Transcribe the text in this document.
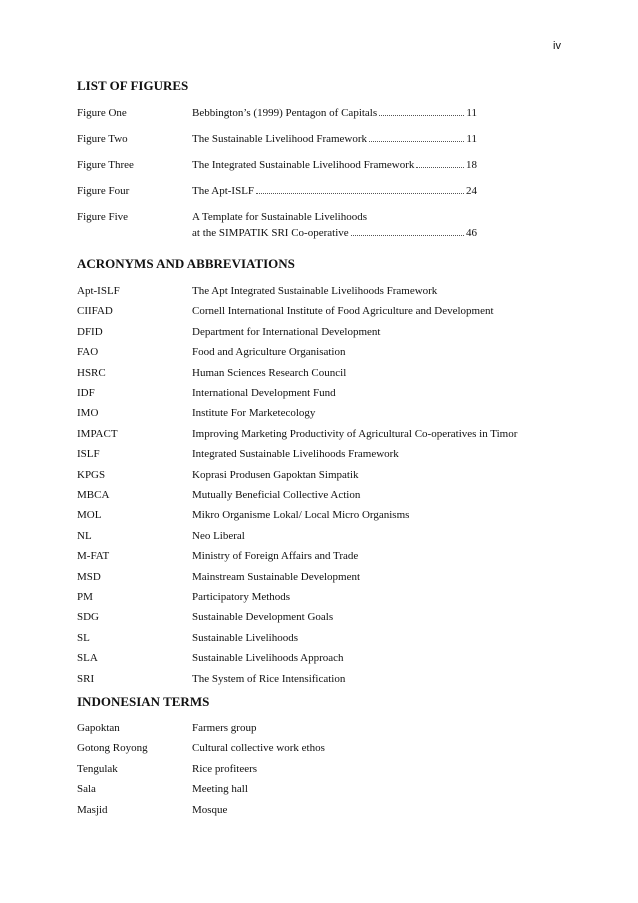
iv
LIST OF FIGURES
Figure One	Bebbington’s (1999) Pentagon of Capitals	11
Figure Two	The Sustainable Livelihood Framework	11
Figure Three	The Integrated Sustainable Livelihood Framework	18
Figure Four	The Apt-ISLF	24
Figure Five	A Template for Sustainable Livelihoods
at the SIMPATIK SRI Co-operative	46
ACRONYMS AND ABBREVIATIONS
Apt-ISLF	The Apt Integrated Sustainable Livelihoods Framework
CIIFAD	Cornell International Institute of Food Agriculture and Development
DFID	Department for International Development
FAO	Food and Agriculture Organisation
HSRC	Human Sciences Research Council
IDF	International Development Fund
IMO	Institute For Marketecology
IMPACT	Improving Marketing Productivity of Agricultural Co-operatives in Timor
ISLF	Integrated Sustainable Livelihoods Framework
KPGS	Koprasi Produsen Gapoktan Simpatik
MBCA	Mutually Beneficial Collective Action
MOL	Mikro Organisme Lokal/ Local Micro Organisms
NL	Neo Liberal
M-FAT	Ministry of Foreign Affairs and Trade
MSD	Mainstream Sustainable Development
PM	Participatory Methods
SDG	Sustainable Development Goals
SL	Sustainable Livelihoods
SLA	Sustainable Livelihoods Approach
SRI	The System of Rice Intensification
INDONESIAN TERMS
Gapoktan	Farmers group
Gotong Royong	Cultural collective work ethos
Tengulak	Rice profiteers
Sala	Meeting hall
Masjid	Mosque
